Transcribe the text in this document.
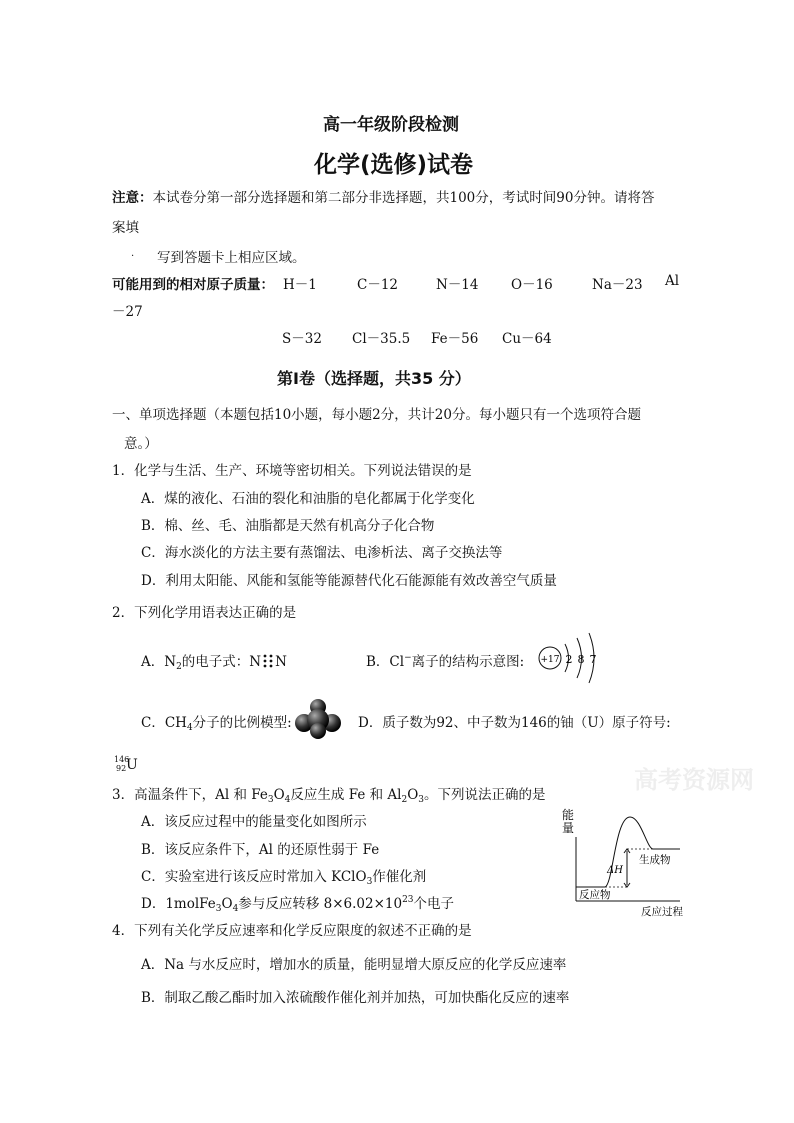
高一年级阶段检测
化学(选修)试卷
注意：本试卷分第一部分选择题和第二部分非选择题，共100分，考试时间90分钟。请将答
案填
. 写到答题卡上相应区域。
可能用到的相对原子质量： H－1	C－12	N－14 O－16	Na－23 Al
－27
S－32 Cl－35.5 Fe－56 Cu－64
第Ⅰ卷（选择题，共35 分）
一、单项选择题（本题包括10小题，每小题2分，共计20分。每小题只有一个选项符合题
意。）
1．化学与生活、生产、环境等密切相关。下列说法错误的是
A．煤的液化、石油的裂化和油脂的皂化都属于化学变化
B．棉、丝、毛、油脂都是天然有机高分子化合物
C．海水淡化的方法主要有蒸馏法、电渗析法、离子交换法等
D．利用太阳能、风能和氢能等能源替代化石能源能有效改善空气质量
2．下列化学用语表达正确的是
A．$N_2$的电子式：N N	B．Cl−离子的结构示意图: +17 2 8 7
C．$CH_4$分子的比例模型:	D．质子数为92、中子数为146的铀（U）原子符号:
146
92 U	高考资源网
3．高温条件下，Al 和 $Fe_3O_4$反应生成 Fe 和 $Al_2O_3$。下列说法正确的是
A．该反应过程中的能量变化如图所示
B．该反应条件下，Al 的还原性弱于 Fe
C．实验室进行该反应时常加入 KClO$_3$作催化剂
D．$1molFe_3O_4$参与反应转移 $8\times 6.02\times 10^{23}$个电子
能
量
ΔH
生成物
反应物
反应过程
4．下列有关化学反应速率和化学反应限度的叙述不正确的是
A．Na 与水反应时，增加水的质量，能明显增大原反应的化学反应速率
B．制取乙酸乙酯时加入浓硫酸作催化剂并加热，可加快酯化反应的速率
